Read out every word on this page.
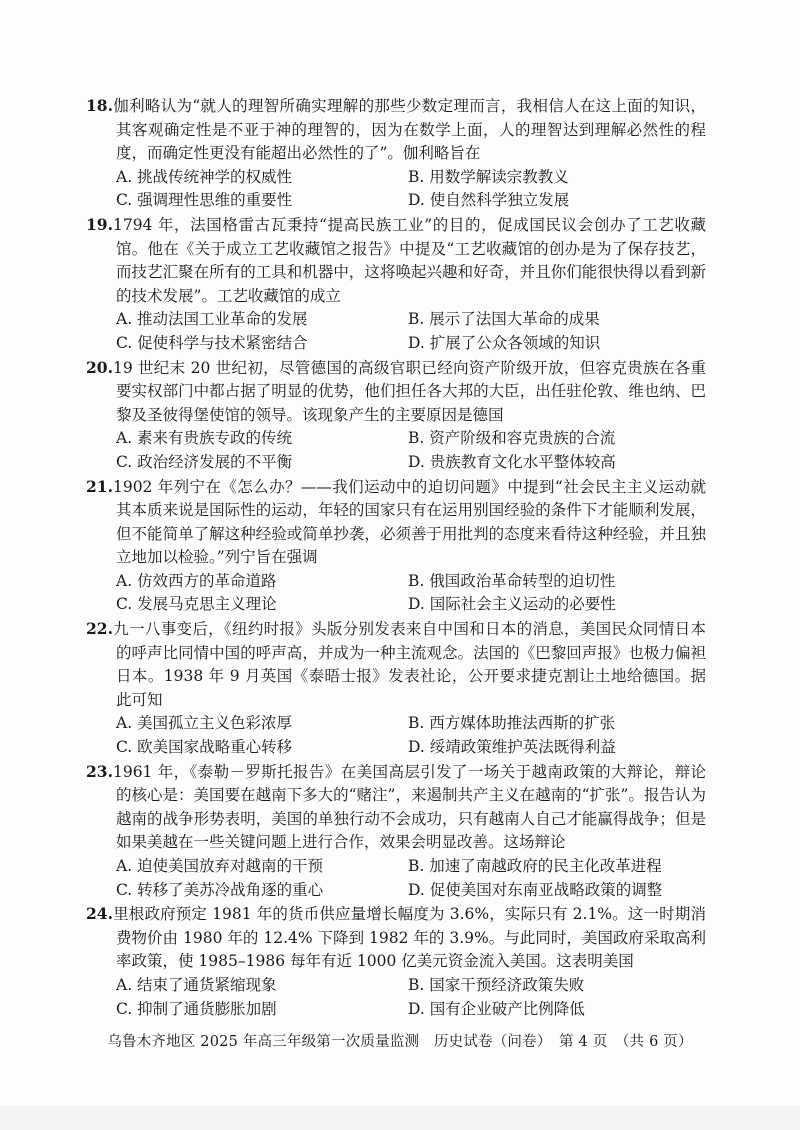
18.伽利略认为“就人的理智所确实理解的那些少数定理而言，我相信人在这上面的知识，其客观确定性是不亚于神的理智的，因为在数学上面，人的理智达到理解必然性的程度，而确定性更没有能超出必然性的了”。伽利略旨在

A. 挑战传统神学的权威性	B. 用数学解读宗教教义
C. 强调理性思维的重要性	D. 使自然科学独立发展

19.1794 年，法国格雷古瓦秉持“提高民族工业”的目的，促成国民议会创办了工艺收藏馆。他在《关于成立工艺收藏馆之报告》中提及“工艺收藏馆的创办是为了保存技艺，而技艺汇聚在所有的工具和机器中，这将唤起兴趣和好奇，并且你们能很快得以看到新的技术发展”。工艺收藏馆的成立

A. 推动法国工业革命的发展	B. 展示了法国大革命的成果
C. 促使科学与技术紧密结合	D. 扩展了公众各领域的知识

20.19 世纪末 20 世纪初，尽管德国的高级官职已经向资产阶级开放，但容克贵族在各重要实权部门中都占据了明显的优势，他们担任各大邦的大臣，出任驻伦敦、维也纳、巴黎及圣彼得堡使馆的领导。该现象产生的主要原因是德国

A. 素来有贵族专政的传统	B. 资产阶级和容克贵族的合流
C. 政治经济发展的不平衡	D. 贵族教育文化水平整体较高

21.1902 年列宁在《怎么办？——我们运动中的迫切问题》中提到“社会民主主义运动就其本质来说是国际性的运动，年轻的国家只有在运用别国经验的条件下才能顺利发展，但不能简单了解这种经验或简单抄袭，必须善于用批判的态度来看待这种经验，并且独立地加以检验。”列宁旨在强调

A. 仿效西方的革命道路	B. 俄国政治革命转型的迫切性
C. 发展马克思主义理论	D. 国际社会主义运动的必要性

22.九一八事变后，《纽约时报》头版分别发表来自中国和日本的消息，美国民众同情日本的呼声比同情中国的呼声高，并成为一种主流观念。法国的《巴黎回声报》也极力偏袒日本。1938 年 9 月英国《泰晤士报》发表社论，公开要求捷克割让土地给德国。据此可知

A. 美国孤立主义色彩浓厚	B. 西方媒体助推法西斯的扩张
C. 欧美国家战略重心转移	D. 绥靖政策维护英法既得利益

23.1961 年，《泰勒－罗斯托报告》在美国高层引发了一场关于越南政策的大辩论，辩论的核心是：美国要在越南下多大的“赌注”，来遏制共产主义在越南的“扩张”。报告认为越南的战争形势表明，美国的单独行动不会成功，只有越南人自己才能赢得战争；但是如果美越在一些关键问题上进行合作，效果会明显改善。这场辩论

A. 迫使美国放弃对越南的干预	B. 加速了南越政府的民主化改革进程
C. 转移了美苏冷战角逐的重心	D. 促使美国对东南亚战略政策的调整

24.里根政府预定 1981 年的货币供应量增长幅度为 3.6%，实际只有 2.1%。这一时期消费物价由 1980 年的 12.4% 下降到 1982 年的 3.9%。与此同时，美国政府采取高利率政策，使 1985–1986 每年有近 1000 亿美元资金流入美国。这表明美国

A. 结束了通货紧缩现象	B. 国家干预经济政策失败
C. 抑制了通货膨胀加剧	D. 国有企业破产比例降低
乌鲁木齐地区 2025 年高三年级第一次质量监测　历史试卷（问卷）　第 4 页　（共 6 页）
